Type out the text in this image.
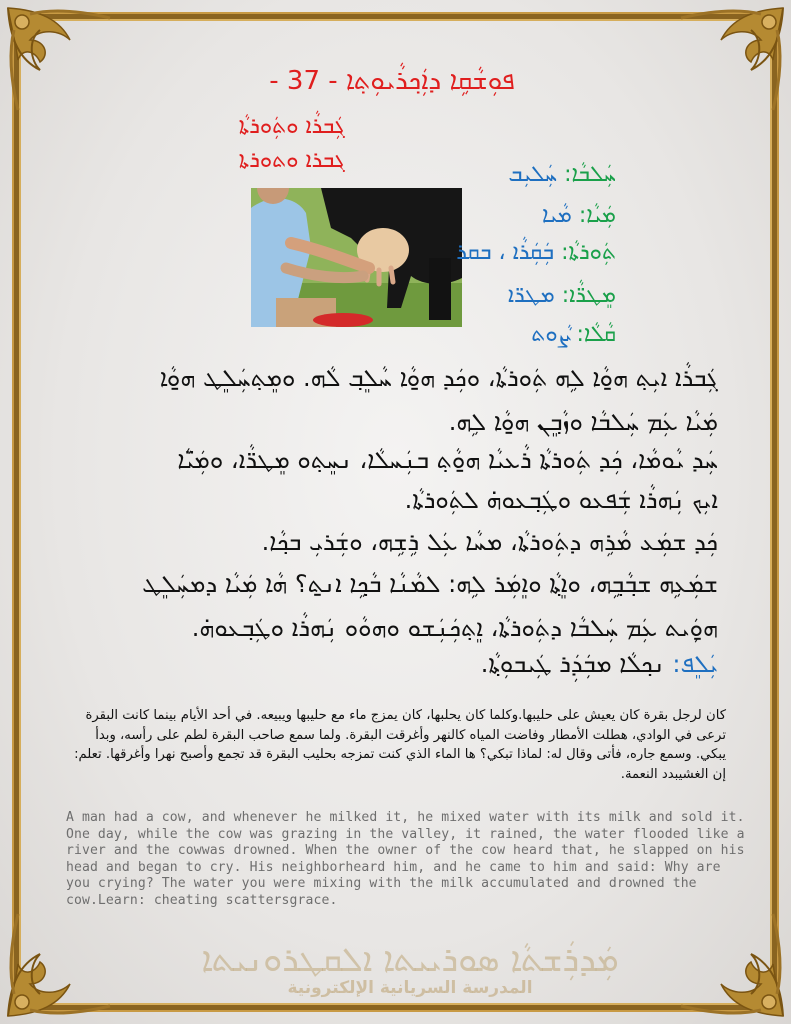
ܦܘܼܫܵܩܹܐ ܕܐܲܟ݂ܪܵܝܘܼܬ݂ܐ - 37 -
ܓܲܒܪܵܐ ܘܬܲܘܪܬܵܐ
ܓܒܪܐ ܘܬܘܪܬܐ
ܚܲܠܒܵܐ: ܚܲܠܝܼܒ
ܡܲܝܵܐ: ܡܵܝܐ
ܬܲܘܪܬܵܐ: ܒܲܩܲܪܵܐ ، ܒܩܪ
ܡܸܛܪ̈ܵܐ: ܡܛܪ̈ܐ
ܩܵܠܵܐ: ܨܵܘܬ
ܓܲܒܪܵܐ ܐܝܼܬ݂ ܗ̱ܘܵܐ ܠܹܗ ܬܲܘܪܬܵܐ، ܘܟܲܕ ܗ̱ܘܵܐ ܚܵܠܸܒ݂ ܠܵܗ. ܘܡܸܬ݂ܚܲܠܸܛ ܗ̱ܘܵܐ
ܡܲܝܵܐ ܥܲܡ ܚܲܠܒܵܐ ܘܙܵܒ݂ܸܢ ܗ̱ܘܵܐ ܠܹܗ.
ܚܲܕ ܝܵܘܡܵܐ، ܟܲܕ ܬܲܘܪܬܵܐ ܪܵܥܝܵܐ ܗ̱ܘܵܬ݂ ܒܢܲܚܠܵܐ، ܢܚܸܬ݂ܘ ܡܸܛܪ̈ܵܐ، ܘܡܲܝ̈ܵܐ
ܐܝܼܟ ܢܲܗܪܵܐ ܫܲܦܥܘ ܘܛܲܒ݂ܥܘܗ̇ ܠܬܲܘܪܬܵܐ.
ܟܲܕ ܫܡܲܥ ܡܵܪܹܗ ܕܬܲܘܪܬܵܐ، ܡܚܵܐ ܥܲܠ ܪܹܫܹܗ، ܘܫܲܪܝܼ ܒܟ݂ܵܐ.
ܫܡܲܥܹܗ ܫܒ݂ܵܒ݂ܹܗ، ܘܐܸܬ݂ܵܐ ܘܐܸܡܲܪ ܠܹܗ: ܠܡܵܢܵܐ ܒܵܟ݂ܹܐ ܐܢ̱ܬ؟ ܗܵܐ ܡܲܝܵܐ ܕܡܚܲܠܸܛ
ܗ̱ܘܲܝܬ ܥܲܡ ܚܲܠܒܵܐ ܕܬܲܘܪܬܵܐ، ܐܸܬ݂ܟܲܢܲܫܘ ܘܗܘܵܘ ܢܲܗܪܵܐ ܘܛܲܒ݂ܥܘܗ̇.
ܝܲܠܸܦ: ܢܟ݂ܠܵܐ ܡܒܲܕܲܪ ܛܲܝܒܘܼܬ݂ܵܐ.
كان لرجل بقرة كان يعيش على حليبها.وكلما كان يحلبها، كان يمزج ماء مع حليبها ويبيعه. في أحد الأيام بينما كانت البقرة ترعى في الوادي، هطلت الأمطار وفاضت المياه كالنهر وأغرقت البقرة. ولما سمع صاحب البقرة لطم على رأسه، وبدأ يبكي. وسمع جاره، فأتى وقال له: لماذا تبكي؟ ها الماء الذي كنت تمزجه بحليب البقرة قد تجمع وأصبح نهرا وأغرقها. تعلم: إن الغشيبدد النعمة.
A man had a cow, and whenever he milked it, he mixed water with its milk and sold it. One day, while the cow was grazing in the valley, it rained, the water flooded like a river and the cowwas drowned. When the owner of the cow heard that, he slapped on his head and began to cry. His neighborheard him, and he came to him and said: Why are you crying? The water you were mixing with the milk accumulated and drowned the cow.Learn: cheating scattersgrace.
ܡܲܕܪܲܫܬܵܐ ܣܘܪܝܝܬܐ ܐܠܩܛܪܘܢܝܬܐ
المدرسة السريانية الإلكترونية
